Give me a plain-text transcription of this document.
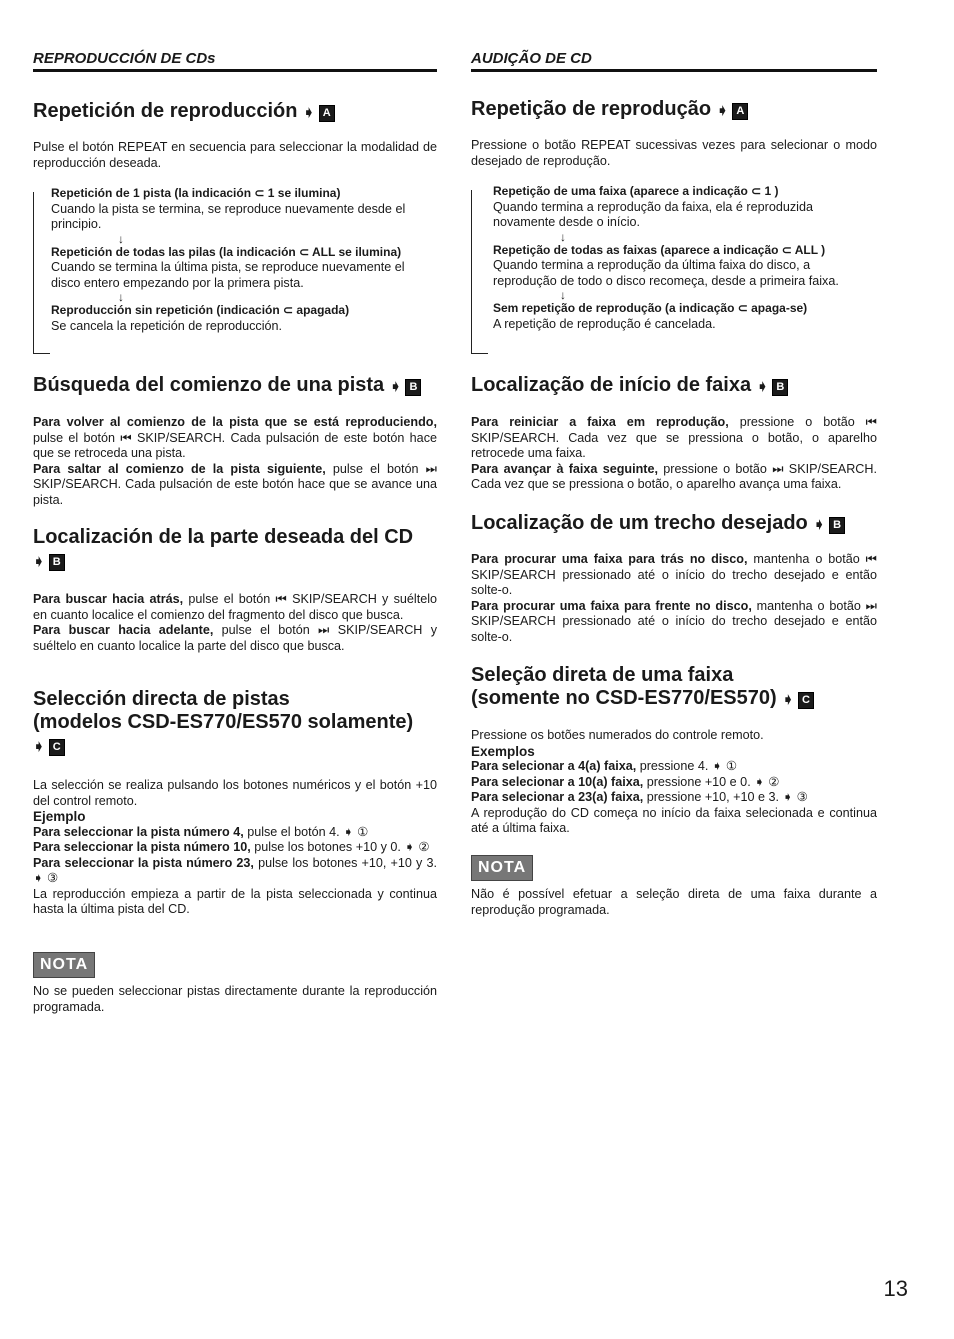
REPRODUCCIÓN DE CDs
Repetición de reproducción ➧ A

Pulse el botón REPEAT en secuencia para seleccionar la modalidad de reproducción deseada.

Repetición de 1 pista (la indicación ⊂ 1 se ilumina)
Cuando la pista se termina, se reproduce nuevamente desde el principio.
↓
Repetición de todas las pilas (la indicación ⊂ ALL se ilumina)
Cuando se termina la última pista, se reproduce nuevamente el disco entero empezando por la primera pista.
↓
Reproducción sin repetición (indicación ⊂ apagada)
Se cancela la repetición de reproducción.
Búsqueda del comienzo de una pista ➧ B

Para volver al comienzo de la pista que se está reproduciendo, pulse el botón ⏮ SKIP/SEARCH. Cada pulsación de este botón hace que se retroceda una pista.
Para saltar al comienzo de la pista siguiente, pulse el botón ⏭ SKIP/SEARCH. Cada pulsación de este botón hace que se avance una pista.

Localización de la parte deseada del CD
➧ B

Para buscar hacia atrás, pulse el botón ⏮ SKIP/SEARCH y suéltelo en cuanto localice el comienzo del fragmento del disco que busca.
Para buscar hacia adelante, pulse el botón ⏭ SKIP/SEARCH y suéltelo en cuanto localice la parte del disco que busca.

Selección directa de pistas
(modelos CSD-ES770/ES570 solamente)
➧ C

La selección se realiza pulsando los botones numéricos y el botón +10 del control remoto.

Ejemplo

Para seleccionar la pista número 4, pulse el botón 4. ➧ ①

Para seleccionar la pista número 10, pulse los botones +10 y 0. ➧ ②

Para seleccionar la pista número 23, pulse los botones +10, +10 y 3. ➧ ③

La reproducción empieza a partir de la pista seleccionada y continua hasta la última pista del CD.

NOTA

No se pueden seleccionar pistas directamente durante la reproducción programada.

AUDIÇÃO DE CD
Repetição de reprodução ➧ A

Pressione o botão REPEAT sucessivas vezes para selecionar o modo desejado de reprodução.

Repetição de uma faixa (aparece a indicação ⊂ 1 )
Quando termina a reprodução da faixa, ela é reproduzida novamente desde o início.
↓
Repetição de todas as faixas (aparece a indicação ⊂ ALL )
Quando termina a reprodução da última faixa do disco, a reprodução de todo o disco recomeça, desde a primeira faixa.
↓
Sem repetição de reprodução (a indicação ⊂ apaga-se)
A repetição de reprodução é cancelada.
Localização de início de faixa ➧ B

Para reiniciar a faixa em reprodução, pressione o botão ⏮ SKIP/SEARCH. Cada vez que se pressiona o botão, o aparelho retrocede uma faixa.
Para avançar à faixa seguinte, pressione o botão ⏭ SKIP/SEARCH. Cada vez que se pressiona o botão, o aparelho avança uma faixa.

Localização de um trecho desejado ➧ B

Para procurar uma faixa para trás no disco, mantenha o botão ⏮ SKIP/SEARCH pressionado até o início do trecho desejado e então solte-o.
Para procurar uma faixa para frente no disco, mantenha o botão ⏭ SKIP/SEARCH pressionado até o início do trecho desejado e então solte-o.

Seleção direta de uma faixa
(somente no CSD-ES770/ES570) ➧ C

Pressione os botões numerados do controle remoto.

Exemplos

Para selecionar a 4(a) faixa, pressione 4. ➧ ①

Para selecionar a 10(a) faixa, pressione +10 e 0. ➧ ②

Para selecionar a 23(a) faixa, pressione +10, +10 e 3. ➧ ③

A reprodução do CD começa no início da faixa selecionada e continua até a última faixa.

NOTA

Não é possível efetuar a seleção direta de uma faixa durante a reprodução programada.

13
